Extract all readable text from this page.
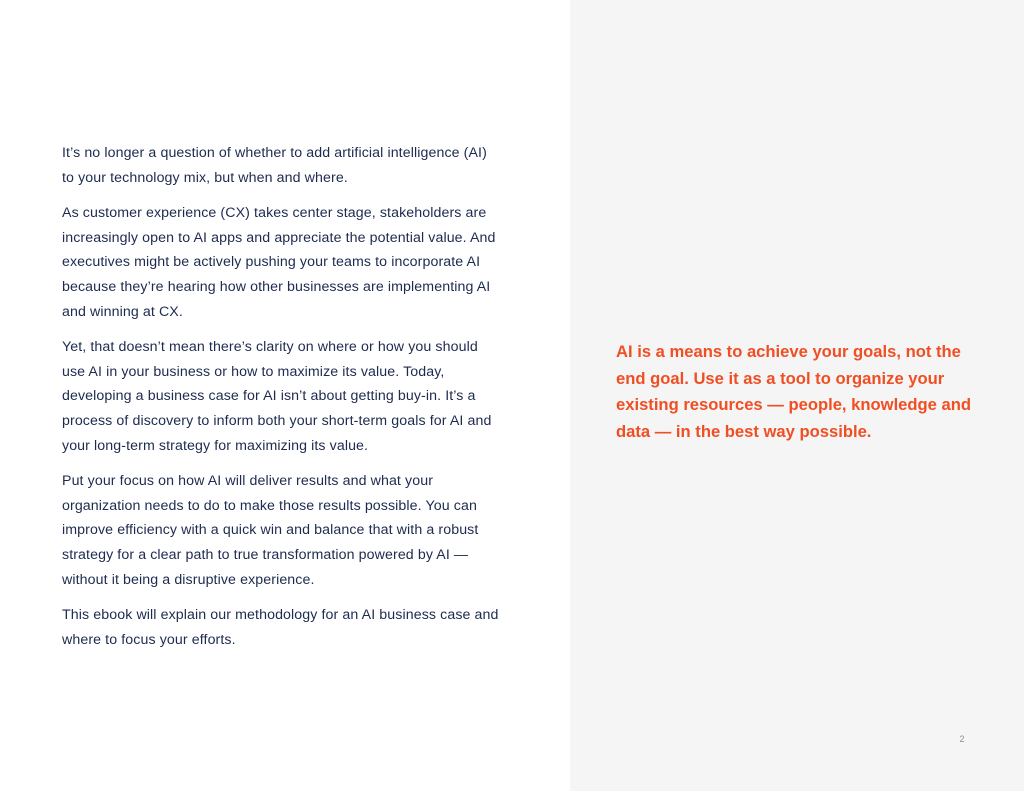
It’s no longer a question of whether to add artificial intelligence (AI) to your technology mix, but when and where.

As customer experience (CX) takes center stage, stakeholders are increasingly open to AI apps and appreciate the potential value. And executives might be actively pushing your teams to incorporate AI because they’re hearing how other businesses are implementing AI and winning at CX.

Yet, that doesn’t mean there’s clarity on where or how you should use AI in your business or how to maximize its value. Today, developing a business case for AI isn’t about getting buy-in. It’s a process of discovery to inform both your short-term goals for AI and your long-term strategy for maximizing its value.

Put your focus on how AI will deliver results and what your organization needs to do to make those results possible. You can improve efficiency with a quick win and balance that with a robust strategy for a clear path to true transformation powered by AI — without it being a disruptive experience.

This ebook will explain our methodology for an AI business case and where to focus your efforts.

AI is a means to achieve your goals, not the end goal. Use it as a tool to organize your existing resources — people, knowledge and data — in the best way possible.
2
